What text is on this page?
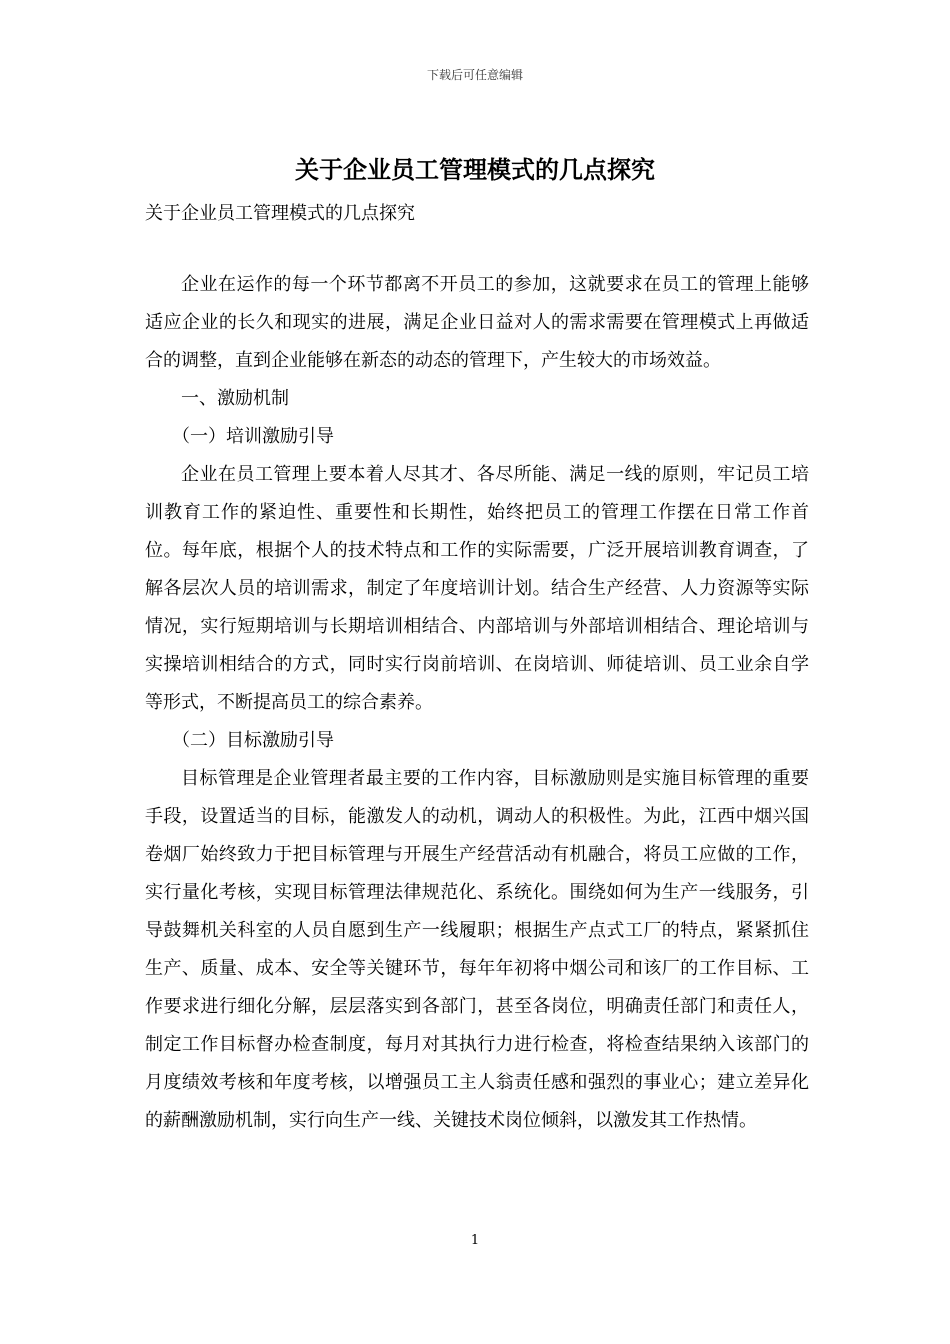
下载后可任意编辑
关于企业员工管理模式的几点探究

关于企业员工管理模式的几点探究

企业在运作的每一个环节都离不开员工的参加，这就要求在员工的管理上能够适应企业的长久和现实的进展，满足企业日益对人的需求需要在管理模式上再做适合的调整，直到企业能够在新态的动态的管理下，产生较大的市场效益。

一、激励机制

（一）培训激励引导

企业在员工管理上要本着人尽其才、各尽所能、满足一线的原则，牢记员工培训教育工作的紧迫性、重要性和长期性，始终把员工的管理工作摆在日常工作首位。每年底，根据个人的技术特点和工作的实际需要，广泛开展培训教育调查，了解各层次人员的培训需求，制定了年度培训计划。结合生产经营、人力资源等实际情况，实行短期培训与长期培训相结合、内部培训与外部培训相结合、理论培训与实操培训相结合的方式，同时实行岗前培训、在岗培训、师徒培训、员工业余自学等形式，不断提高员工的综合素养。

（二）目标激励引导

目标管理是企业管理者最主要的工作内容，目标激励则是实施目标管理的重要手段，设置适当的目标，能激发人的动机，调动人的积极性。为此，江西中烟兴国卷烟厂始终致力于把目标管理与开展生产经营活动有机融合，将员工应做的工作，实行量化考核，实现目标管理法律规范化、系统化。围绕如何为生产一线服务，引导鼓舞机关科室的人员自愿到生产一线履职；根据生产点式工厂的特点，紧紧抓住生产、质量、成本、安全等关键环节，每年年初将中烟公司和该厂的工作目标、工作要求进行细化分解，层层落实到各部门，甚至各岗位，明确责任部门和责任人，制定工作目标督办检查制度，每月对其执行力进行检查，将检查结果纳入该部门的月度绩效考核和年度考核，以增强员工主人翁责任感和强烈的事业心；建立差异化的薪酬激励机制，实行向生产一线、关键技术岗位倾斜，以激发其工作热情。

1
